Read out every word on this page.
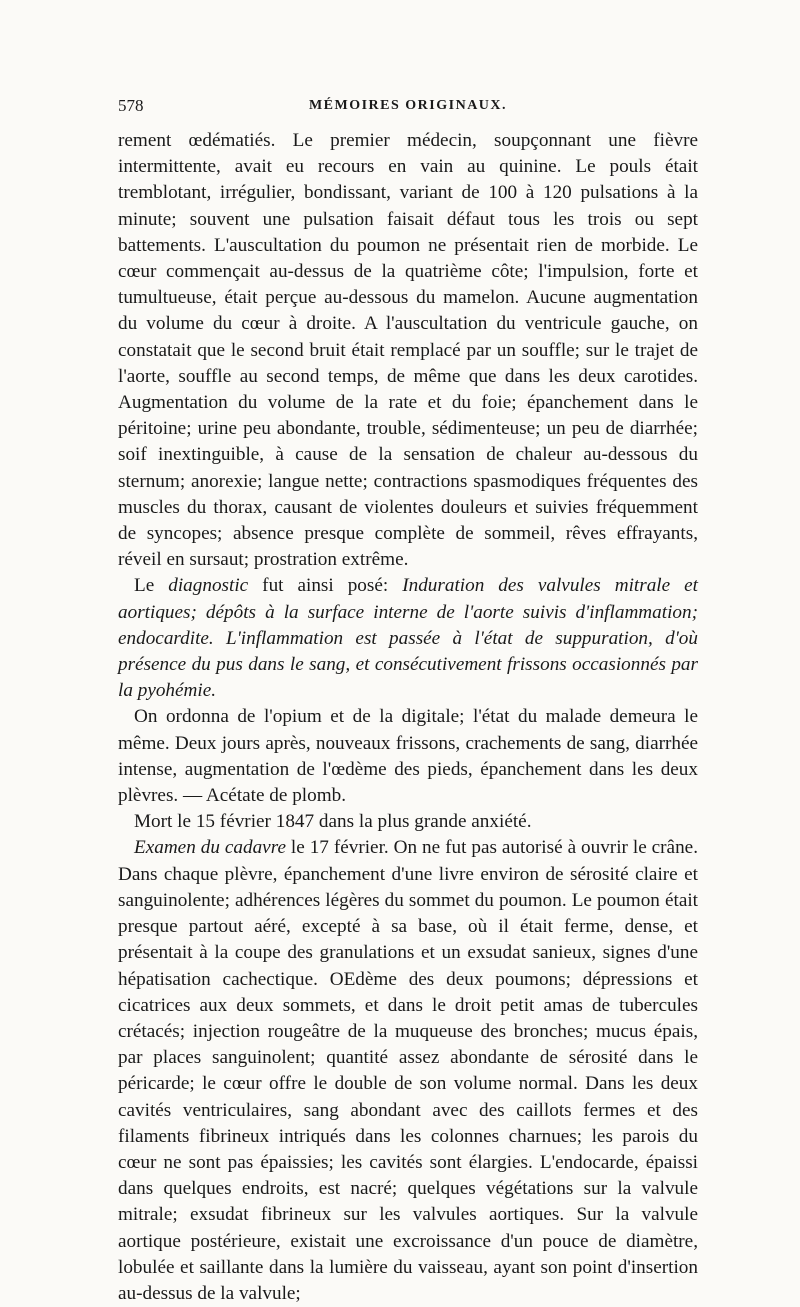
578	MÉMOIRES ORIGINAUX.

rement œdématiés. Le premier médecin, soupçonnant une fièvre intermittente, avait eu recours en vain au quinine. Le pouls était tremblotant, irrégulier, bondissant, variant de 100 à 120 pulsations à la minute; souvent une pulsation faisait défaut tous les trois ou sept battements. L'auscultation du poumon ne présentait rien de morbide. Le cœur commençait au-dessus de la quatrième côte; l'impulsion, forte et tumultueuse, était perçue au-dessous du mamelon. Aucune augmentation du volume du cœur à droite. A l'auscultation du ventricule gauche, on constatait que le second bruit était remplacé par un souffle; sur le trajet de l'aorte, souffle au second temps, de même que dans les deux carotides. Augmentation du volume de la rate et du foie; épanchement dans le péritoine; urine peu abondante, trouble, sédimenteuse; un peu de diarrhée; soif inextinguible, à cause de la sensation de chaleur au-dessous du sternum; anorexie; langue nette; contractions spasmodiques fréquentes des muscles du thorax, causant de violentes douleurs et suivies fréquemment de syncopes; absence presque complète de sommeil, rêves effrayants, réveil en sursaut; prostration extrême.

Le diagnostic fut ainsi posé: Induration des valvules mitrale et aortiques; dépôts à la surface interne de l'aorte suivis d'inflammation; endocardite. L'inflammation est passée à l'état de suppuration, d'où présence du pus dans le sang, et consécutivement frissons occasionnés par la pyohémie.

On ordonna de l'opium et de la digitale; l'état du malade demeura le même. Deux jours après, nouveaux frissons, crachements de sang, diarrhée intense, augmentation de l'œdème des pieds, épanchement dans les deux plèvres. — Acétate de plomb.

Mort le 15 février 1847 dans la plus grande anxiété.

Examen du cadavre le 17 février. On ne fut pas autorisé à ouvrir le crâne. Dans chaque plèvre, épanchement d'une livre environ de sérosité claire et sanguinolente; adhérences légères du sommet du poumon. Le poumon était presque partout aéré, excepté à sa base, où il était ferme, dense, et présentait à la coupe des granulations et un exsudat sanieux, signes d'une hépatisation cachectique. OEdème des deux poumons; dépressions et cicatrices aux deux sommets, et dans le droit petit amas de tubercules crétacés; injection rougeâtre de la muqueuse des bronches; mucus épais, par places sanguinolent; quantité assez abondante de sérosité dans le péricarde; le cœur offre le double de son volume normal. Dans les deux cavités ventriculaires, sang abondant avec des caillots fermes et des filaments fibrineux intriqués dans les colonnes charnues; les parois du cœur ne sont pas épaissies; les cavités sont élargies. L'endocarde, épaissi dans quelques endroits, est nacré; quelques végétations sur la valvule mitrale; exsudat fibrineux sur les valvules aortiques. Sur la valvule aortique postérieure, existait une excroissance d'un pouce de diamètre, lobulée et saillante dans la lumière du vaisseau, ayant son point d'insertion au-dessus de la valvule;
